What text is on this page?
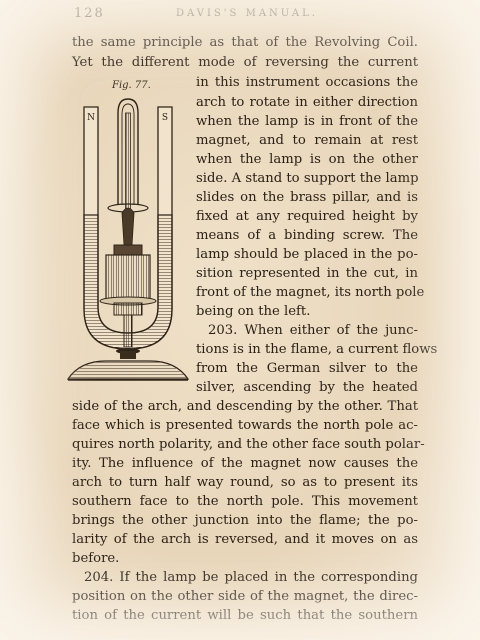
128	DAVIS'S MANUAL.
Fig. 77.
N	S
the same principle as that of the Revolving Coil.
Yet the different mode of reversing the current
in this instrument occasions the
arch to rotate in either direction
when the lamp is in front of the
magnet, and to remain at rest
when the lamp is on the other
side. A stand to support the lamp
slides on the brass pillar, and is
fixed at any required height by
means of a binding screw. The
lamp should be placed in the po-
sition represented in the cut, in
front of the magnet, its north pole
being on the left.
203. When either of the junc-
tions is in the flame, a current flows
from the German silver to the
silver, ascending by the heated
side of the arch, and descending by the other. That
face which is presented towards the north pole ac-
quires north polarity, and the other face south polar-
ity. The influence of the magnet now causes the
arch to turn half way round, so as to present its
southern face to the north pole. This movement
brings the other junction into the flame; the po-
larity of the arch is reversed, and it moves on as
before.
204. If the lamp be placed in the corresponding
position on the other side of the magnet, the direc-
tion of the current will be such that the southern
